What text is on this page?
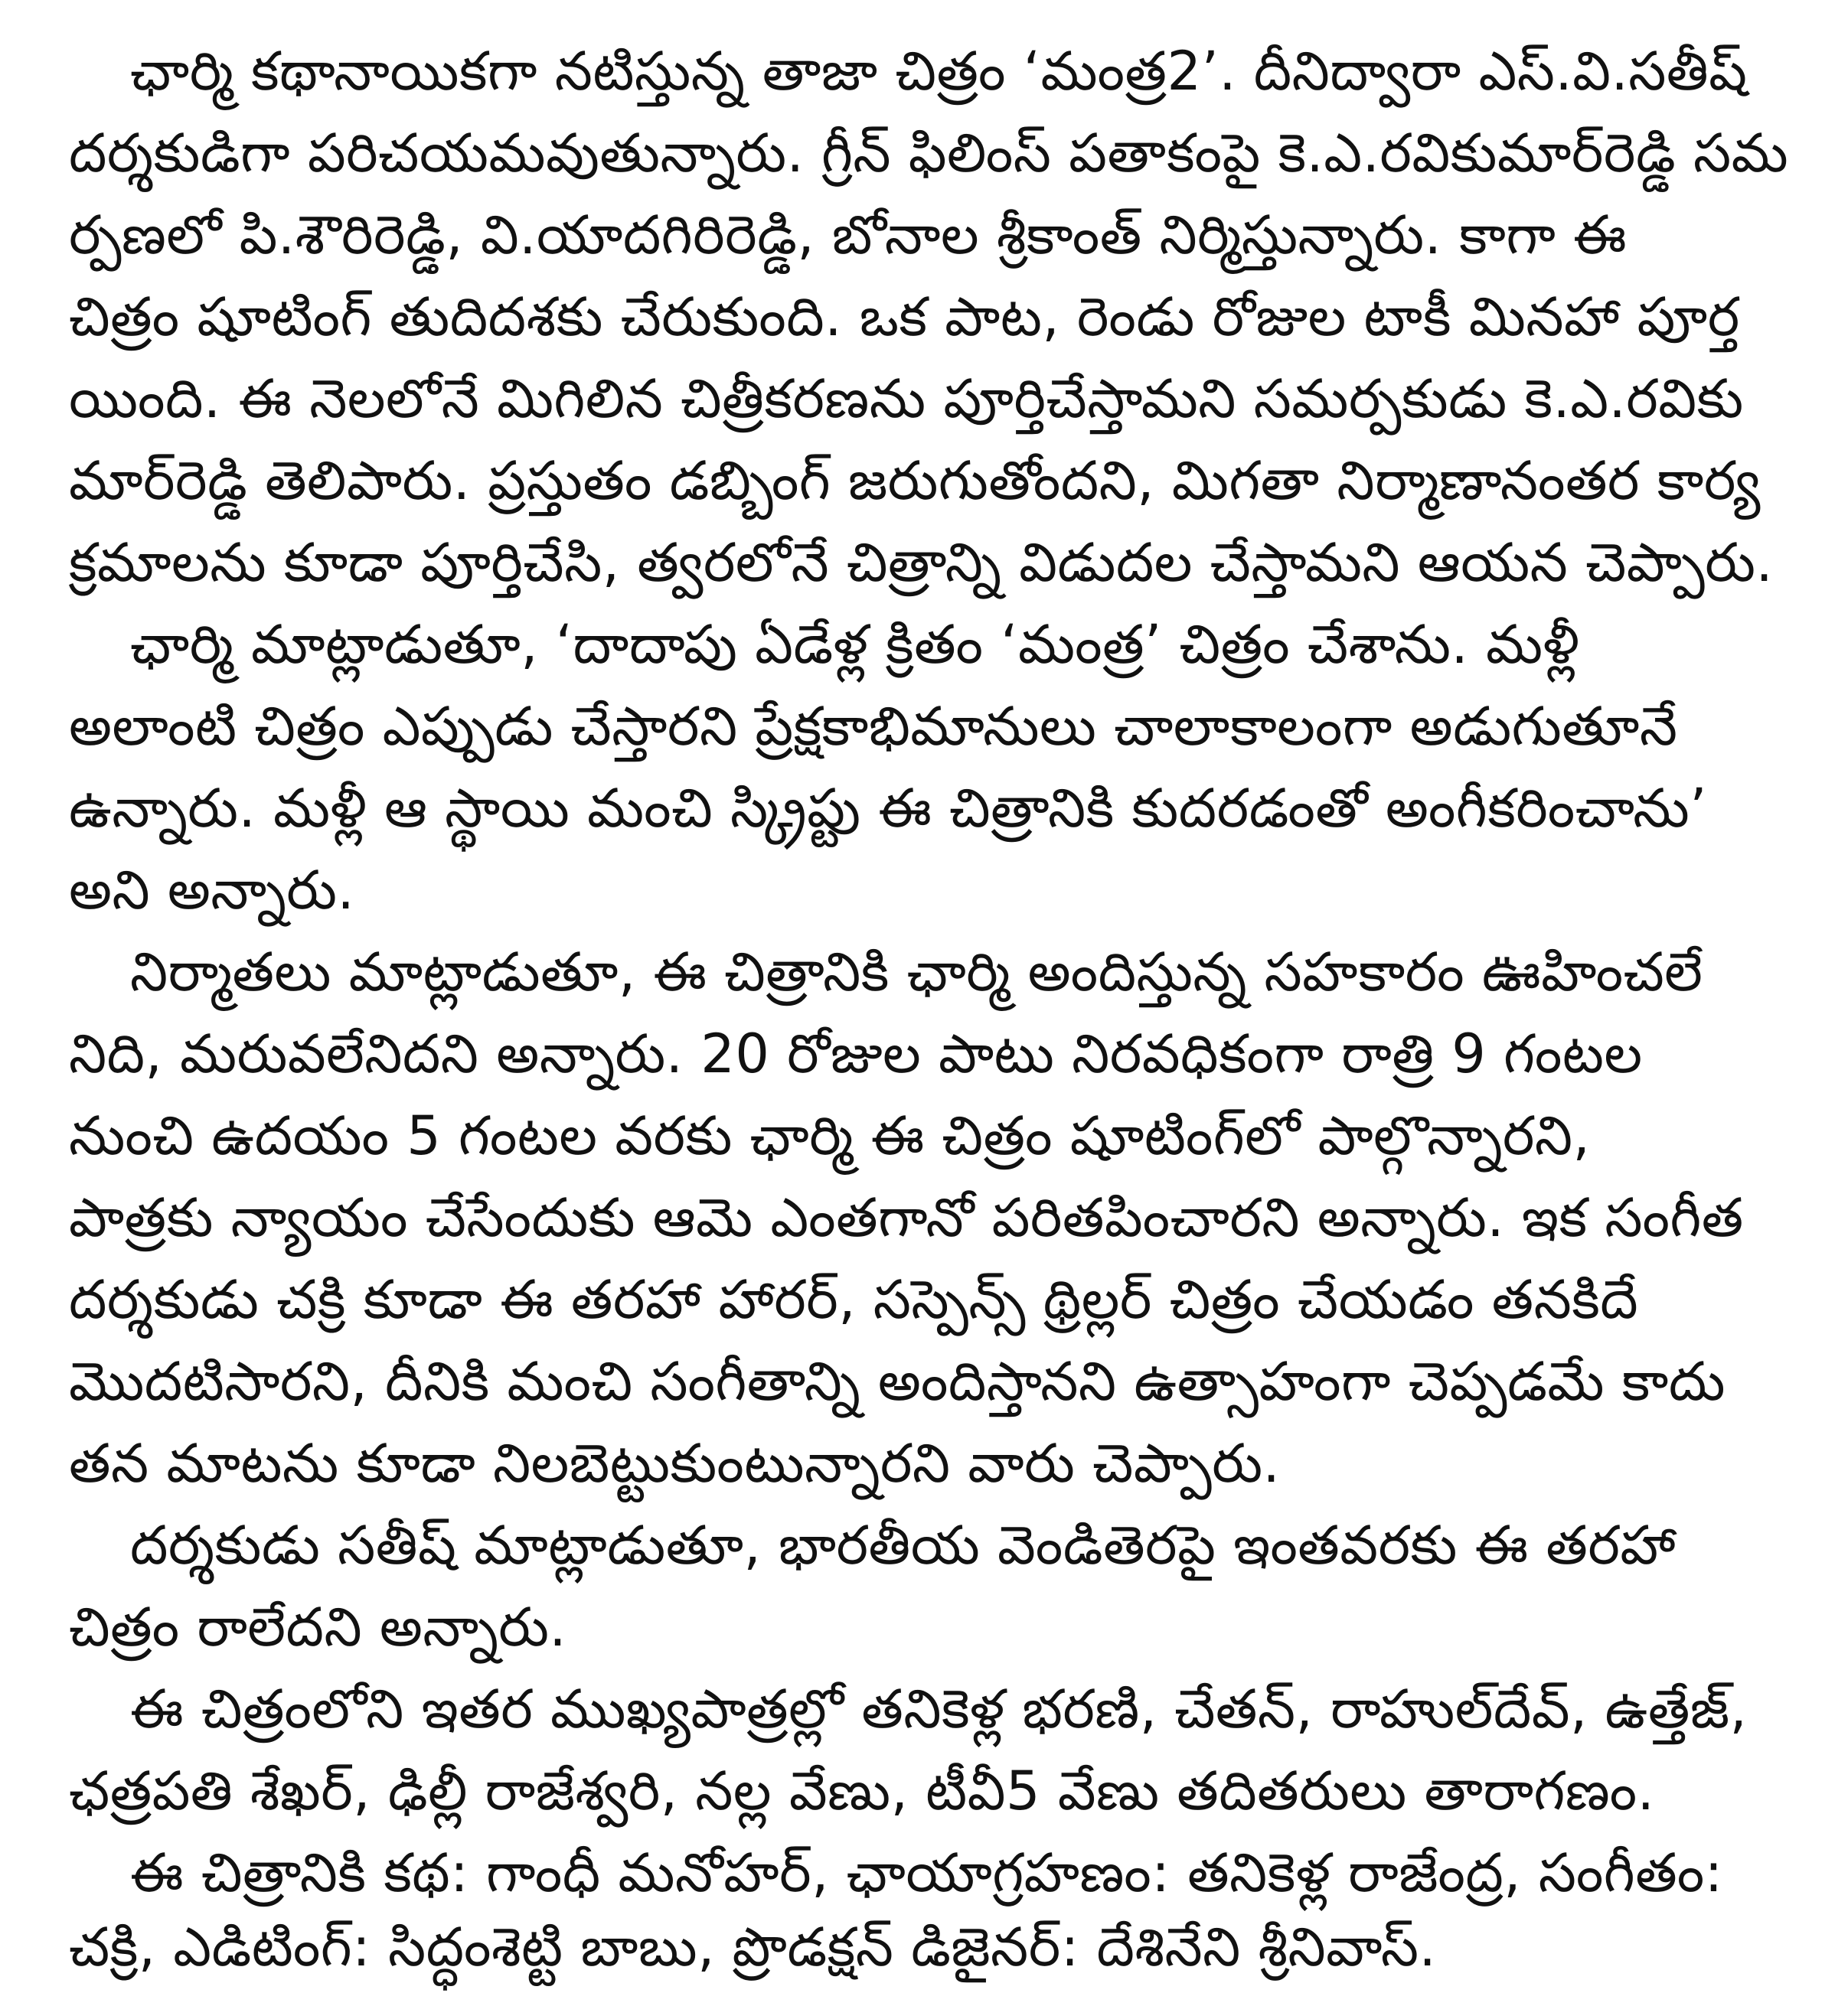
ఛార్మి కథానాయికగా నటిస్తున్న తాజా చిత్రం ‘మంత్ర2’. దీనిద్వారా ఎస్.వి.సతీష్
దర్శకుడిగా పరిచయమవుతున్నారు. గ్రీన్ ఫిలింస్ పతాకంపై కె.ఎ.రవికుమార్‌రెడ్డి సమ
ర్పణలో పి.శౌరిరెడ్డి, వి.యాదగిరిరెడ్డి, బోనాల శ్రీకాంత్ నిర్మిస్తున్నారు. కాగా ఈ
చిత్రం షూటింగ్ తుదిదశకు చేరుకుంది. ఒక పాట, రెండు రోజుల టాకీ మినహా పూర్త
యింది. ఈ నెలలోనే మిగిలిన చిత్రీకరణను పూర్తిచేస్తామని సమర్పకుడు కె.ఎ.రవికు
మార్‌రెడ్డి తెలిపారు. ప్రస్తుతం డబ్బింగ్ జరుగుతోందని, మిగతా నిర్మాణానంతర కార్య
క్రమాలను కూడా పూర్తిచేసి, త్వరలోనే చిత్రాన్ని విడుదల చేస్తామని ఆయన చెప్పారు.
ఛార్మి మాట్లాడుతూ, ‘దాదాపు ఏడేళ్ల క్రితం ‘మంత్ర’ చిత్రం చేశాను. మళ్లీ
అలాంటి చిత్రం ఎప్పుడు చేస్తారని ప్రేక్షకాభిమానులు చాలాకాలంగా అడుగుతూనే
ఉన్నారు. మళ్లీ ఆ స్థాయి మంచి స్క్రిప్టు ఈ చిత్రానికి కుదరడంతో అంగీకరించాను’
అని అన్నారు.
నిర్మాతలు మాట్లాడుతూ, ఈ చిత్రానికి ఛార్మి అందిస్తున్న సహకారం ఊహించలే
నిది, మరువలేనిదని అన్నారు. 20 రోజుల పాటు నిరవధికంగా రాత్రి 9 గంటల
నుంచి ఉదయం 5 గంటల వరకు ఛార్మి ఈ చిత్రం షూటింగ్‌లో పాల్గొన్నారని,
పాత్రకు న్యాయం చేసేందుకు ఆమె ఎంతగానో పరితపించారని అన్నారు. ఇక సంగీత
దర్శకుడు చక్రి కూడా ఈ తరహా హారర్, సస్పెన్స్ థ్రిల్లర్ చిత్రం చేయడం తనకిదే
మొదటిసారని, దీనికి మంచి సంగీతాన్ని అందిస్తానని ఉత్సాహంగా చెప్పడమే కాదు
తన మాటను కూడా నిలబెట్టుకుంటున్నారని వారు చెప్పారు.
దర్శకుడు సతీష్ మాట్లాడుతూ, భారతీయ వెండితెరపై ఇంతవరకు ఈ తరహా
చిత్రం రాలేదని అన్నారు.
ఈ చిత్రంలోని ఇతర ముఖ్యపాత్రల్లో తనికెళ్ల భరణి, చేతన్, రాహుల్‌దేవ్, ఉత్తేజ్,
ఛత్రపతి శేఖర్, ఢిల్లీ రాజేశ్వరి, నల్ల వేణు, టీవీ5 వేణు తదితరులు తారాగణం.
ఈ చిత్రానికి కథ: గాంధీ మనోహర్, ఛాయాగ్రహణం: తనికెళ్ల రాజేంద్ర, సంగీతం:
చక్రి, ఎడిటింగ్: సిద్ధంశెట్టి బాబు, ప్రొడక్షన్ డిజైనర్: దేశినేని శ్రీనివాస్.
